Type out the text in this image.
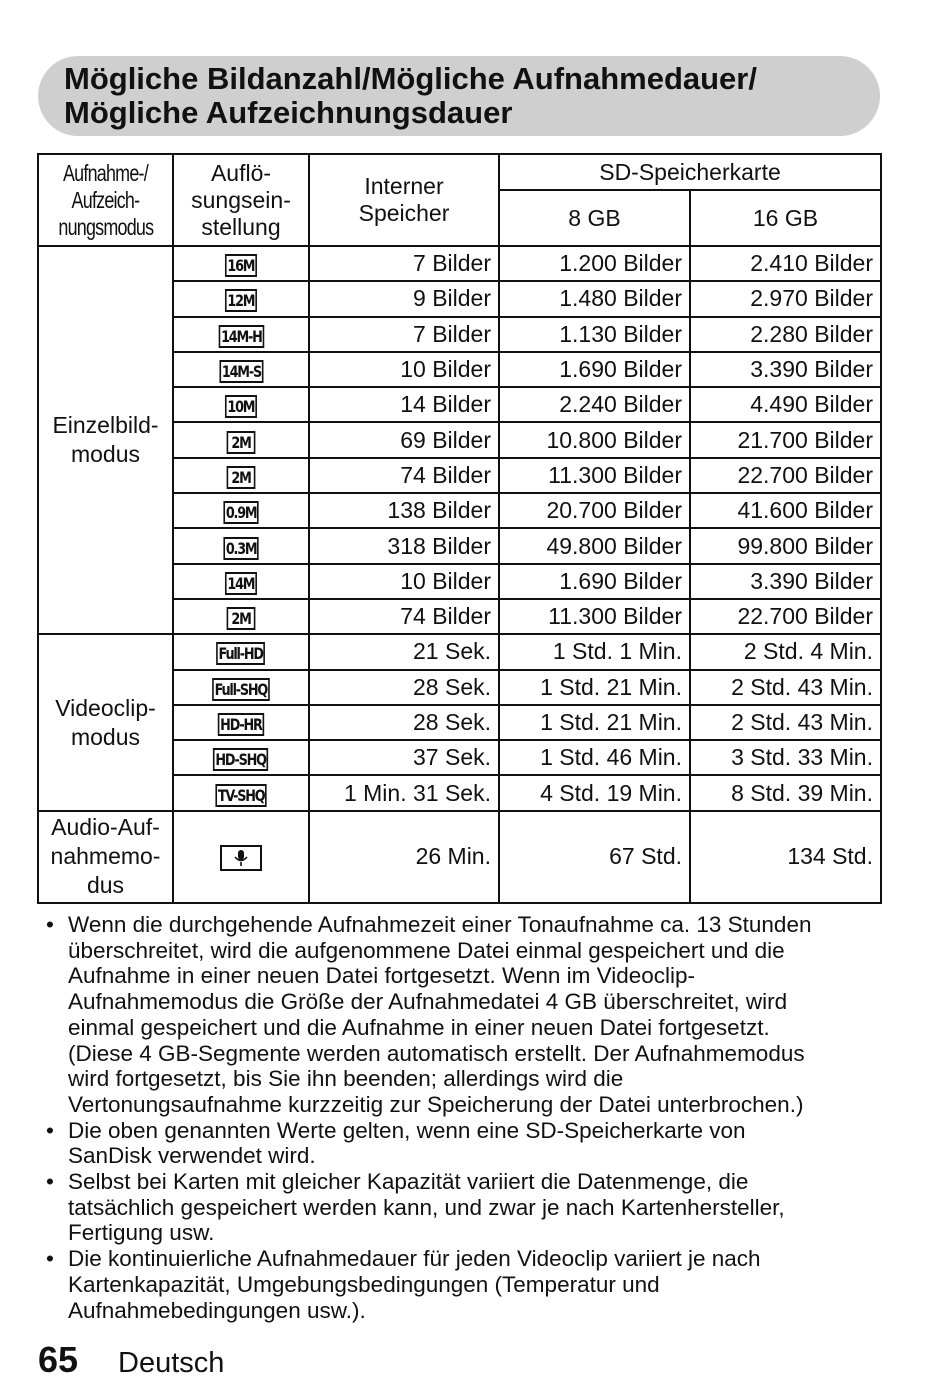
Mögliche Bildanzahl/Mögliche Aufnahmedauer/
Mögliche Aufzeichnungsdauer
Aufnahme-/
Aufzeich-
nungsmodus	Auflö-
sungsein-
stellung	Interner
Speicher	SD-Speicherkarte	
			8 GB	16 GB
Einzelbild-
modus	16M	7 Bilder	1.200 Bilder	2.410 Bilder
	12M	9 Bilder	1.480 Bilder	2.970 Bilder
	14M-H	7 Bilder	1.130 Bilder	2.280 Bilder
	14M-S	10 Bilder	1.690 Bilder	3.390 Bilder
	10M	14 Bilder	2.240 Bilder	4.490 Bilder
	2M	69 Bilder	10.800 Bilder	21.700 Bilder
	2M	74 Bilder	11.300 Bilder	22.700 Bilder
	0.9M	138 Bilder	20.700 Bilder	41.600 Bilder
	0.3M	318 Bilder	49.800 Bilder	99.800 Bilder
	14M	10 Bilder	1.690 Bilder	3.390 Bilder
	2M	74 Bilder	11.300 Bilder	22.700 Bilder
Videoclip-
modus	Full-HD	21 Sek.	1 Std. 1 Min.	2 Std. 4 Min.
	Full-SHQ	28 Sek.	1 Std. 21 Min.	2 Std. 43 Min.
	HD-HR	28 Sek.	1 Std. 21 Min.	2 Std. 43 Min.
	HD-SHQ	37 Sek.	1 Std. 46 Min.	3 Std. 33 Min.
	TV-SHQ	1 Min. 31 Sek.	4 Std. 19 Min.	8 Std. 39 Min.
Audio-Auf-
nahmemo-
dus		26 Min.	67 Std.	134 Std.
• Wenn die durchgehende Aufnahmezeit einer Tonaufnahme ca. 13 Stunden
überschreitet, wird die aufgenommene Datei einmal gespeichert und die
Aufnahme in einer neuen Datei fortgesetzt. Wenn im Videoclip-
Aufnahmemodus die Größe der Aufnahmedatei 4 GB überschreitet, wird
einmal gespeichert und die Aufnahme in einer neuen Datei fortgesetzt.
(Diese 4 GB-Segmente werden automatisch erstellt. Der Aufnahmemodus
wird fortgesetzt, bis Sie ihn beenden; allerdings wird die
Vertonungsaufnahme kurzzeitig zur Speicherung der Datei unterbrochen.)
• Die oben genannten Werte gelten, wenn eine SD-Speicherkarte von
SanDisk verwendet wird.
• Selbst bei Karten mit gleicher Kapazität variiert die Datenmenge, die
tatsächlich gespeichert werden kann, und zwar je nach Kartenhersteller,
Fertigung usw.
• Die kontinuierliche Aufnahmedauer für jeden Videoclip variiert je nach
Kartenkapazität, Umgebungsbedingungen (Temperatur und
Aufnahmebedingungen usw.).
65 Deutsch
